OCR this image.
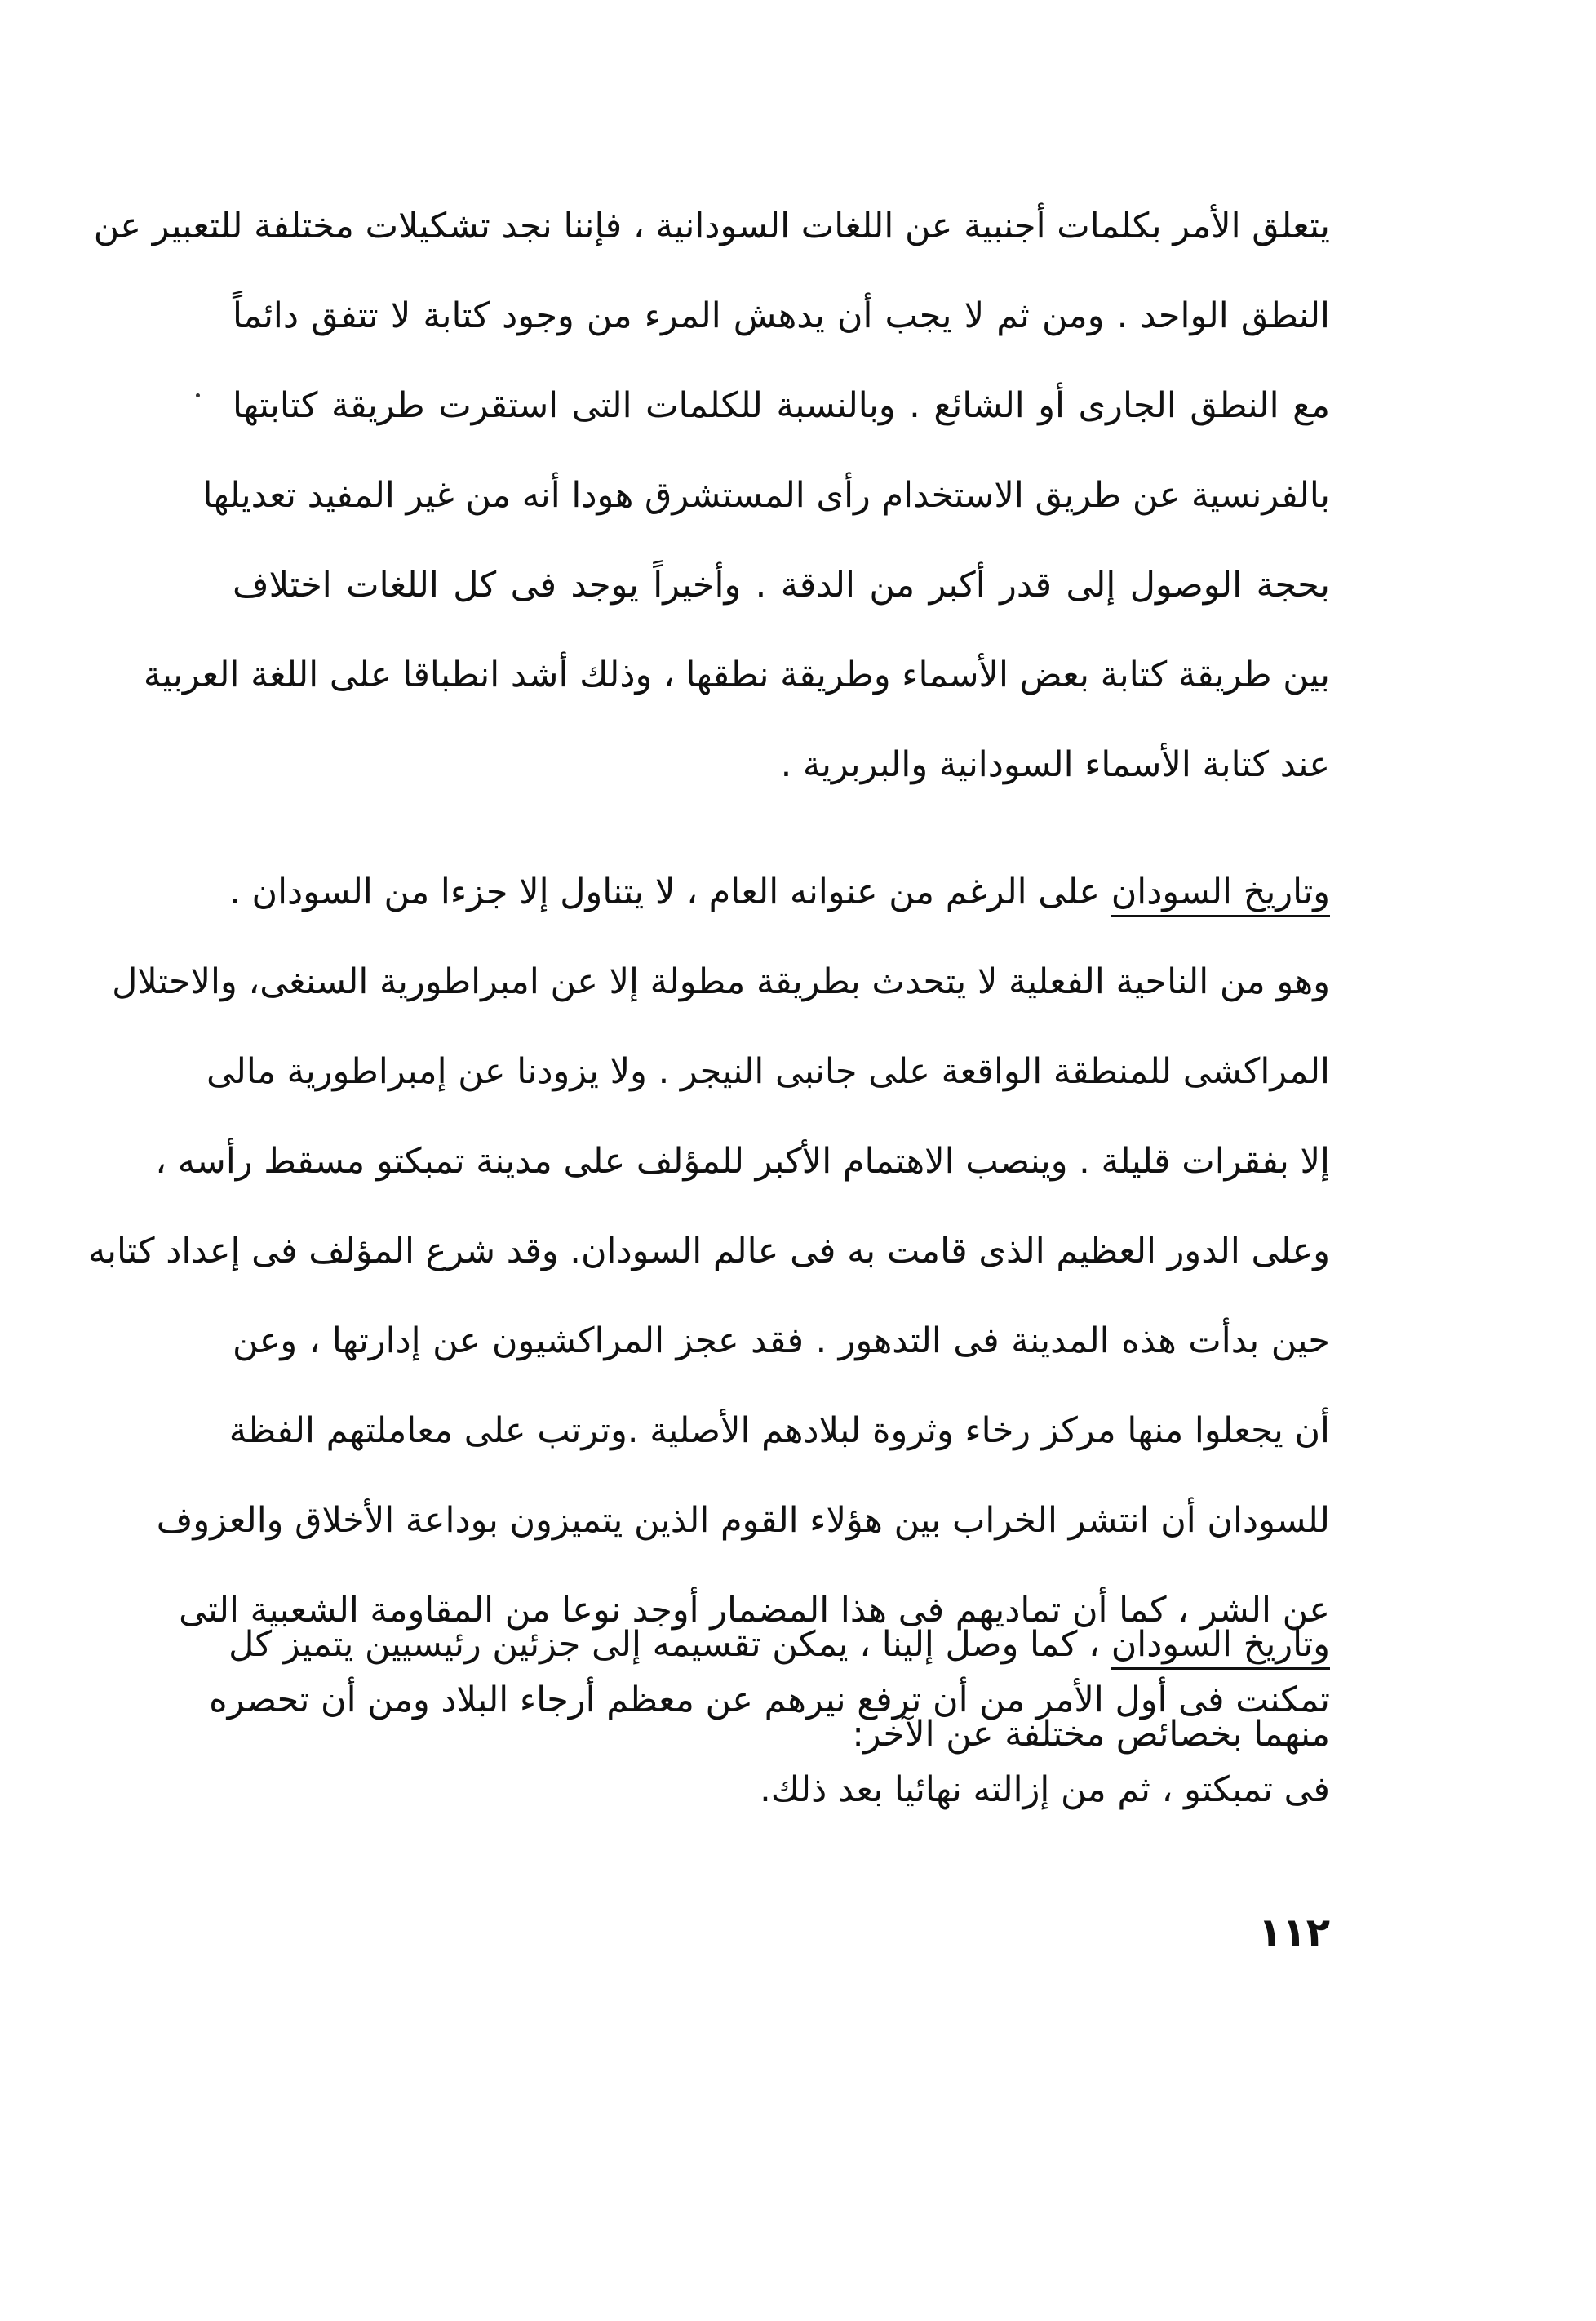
يتعلق الأمر بكلمات أجنبية عن اللغات السودانية ، فإننا نجد تشكيلات مختلفة للتعبير عن
النطق الواحد . ومن ثم لا يجب أن يدهش المرء من وجود كتابة لا تتفق دائماً
مع النطق الجارى أو الشائع . وبالنسبة للكلمات التى استقرت طريقة كتابتها
بالفرنسية عن طريق الاستخدام رأى المستشرق هودا أنه من غير المفيد تعديلها
بحجة الوصول إلى قدر أكبر من الدقة . وأخيراً يوجد فى كل اللغات اختلاف
بين طريقة كتابة بعض الأسماء وطريقة نطقها ، وذلك أشد انطباقا على اللغة العربية
عند كتابة الأسماء السودانية والبربرية .
وتاريخ السودان على الرغم من عنوانه العام ، لا يتناول إلا جزءا من السودان .
وهو من الناحية الفعلية لا يتحدث بطريقة مطولة إلا عن امبراطورية السنغى، والاحتلال
المراكشى للمنطقة الواقعة على جانبى النيجر . ولا يزودنا عن إمبراطورية مالى
إلا بفقرات قليلة . وينصب الاهتمام الأكبر للمؤلف على مدينة تمبكتو مسقط رأسه ،
وعلى الدور العظيم الذى قامت به فى عالم السودان. وقد شرع المؤلف فى إعداد كتابه
حين بدأت هذه المدينة فى التدهور . فقد عجز المراكشيون عن إدارتها ، وعن
أن يجعلوا منها مركز رخاء وثروة لبلادهم الأصلية .وترتب على معاملتهم الفظة
للسودان أن انتشر الخراب بين هؤلاء القوم الذين يتميزون بوداعة الأخلاق والعزوف
عن الشر ، كما أن تماديهم فى هذا المضمار أوجد نوعا من المقاومة الشعبية التى
تمكنت فى أول الأمر من أن ترفع نيرهم عن معظم أرجاء البلاد ومن أن تحصره
فى تمبكتو ، ثم من إزالته نهائيا بعد ذلك.
وتاريخ السودان ، كما وصل إلينا ، يمكن تقسيمه إلى جزئين رئيسيين يتميز كل
منهما بخصائص مختلفة عن الآخر:
١١٢
